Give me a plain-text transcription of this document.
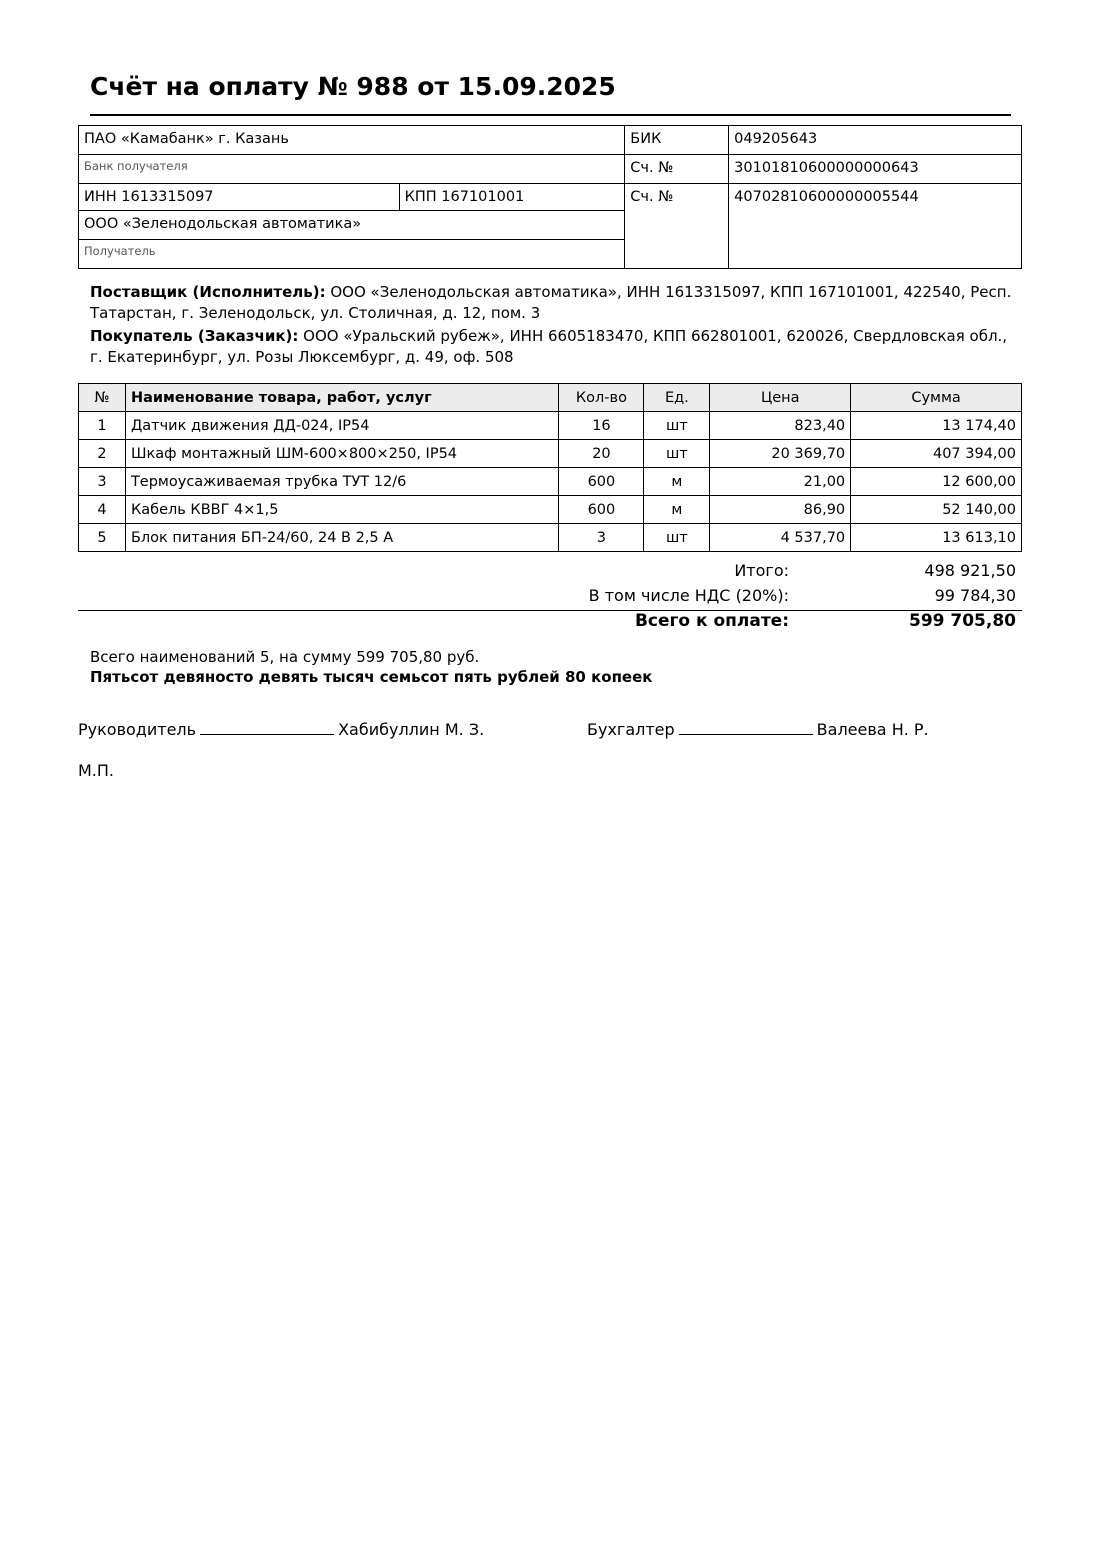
Счёт на оплату № 988 от 15.09.2025
ПАО «Камабанк» г. Казань		БИК	049205643
Банк получателя		Сч. №	30101810600000000643
ИНН 1613315097	КПП 167101001	Сч. №	40702810600000005544
ООО «Зеленодольская автоматика»			
Получатель			

Поставщик (Исполнитель): ООО «Зеленодольская автоматика», ИНН 1613315097, КПП 167101001, 422540, Респ. Татарстан, г. Зеленодольск, ул. Столичная, д. 12, пом. 3

Покупатель (Заказчик): ООО «Уральский рубеж», ИНН 6605183470, КПП 662801001, 620026, Свердловская обл., г. Екатеринбург, ул. Розы Люксембург, д. 49, оф. 508

№	Наименование товара, работ, услуг	Кол-во	Ед.	Цена	Сумма
1	Датчик движения ДД-024, IP54	16	шт	823,40	13 174,40
2	Шкаф монтажный ШМ-600×800×250, IP54	20	шт	20 369,70	407 394,00
3	Термоусаживаемая трубка ТУТ 12/6	600	м	21,00	12 600,00
4	Кабель КВВГ 4×1,5	600	м	86,90	52 140,00
5	Блок питания БП-24/60, 24 В 2,5 А	3	шт	4 537,70	13 613,10
Итого:	498 921,50
В том числе НДС (20%):	99 784,30
Всего к оплате:	599 705,80

Всего наименований 5, на сумму 599 705,80 руб.

Пятьсот девяносто девять тысяч семьсот пять рублей 80 копеек

Руководитель	Хабибуллин М. З.	Бухгалтер	Валеева Н. Р.
М.П.
